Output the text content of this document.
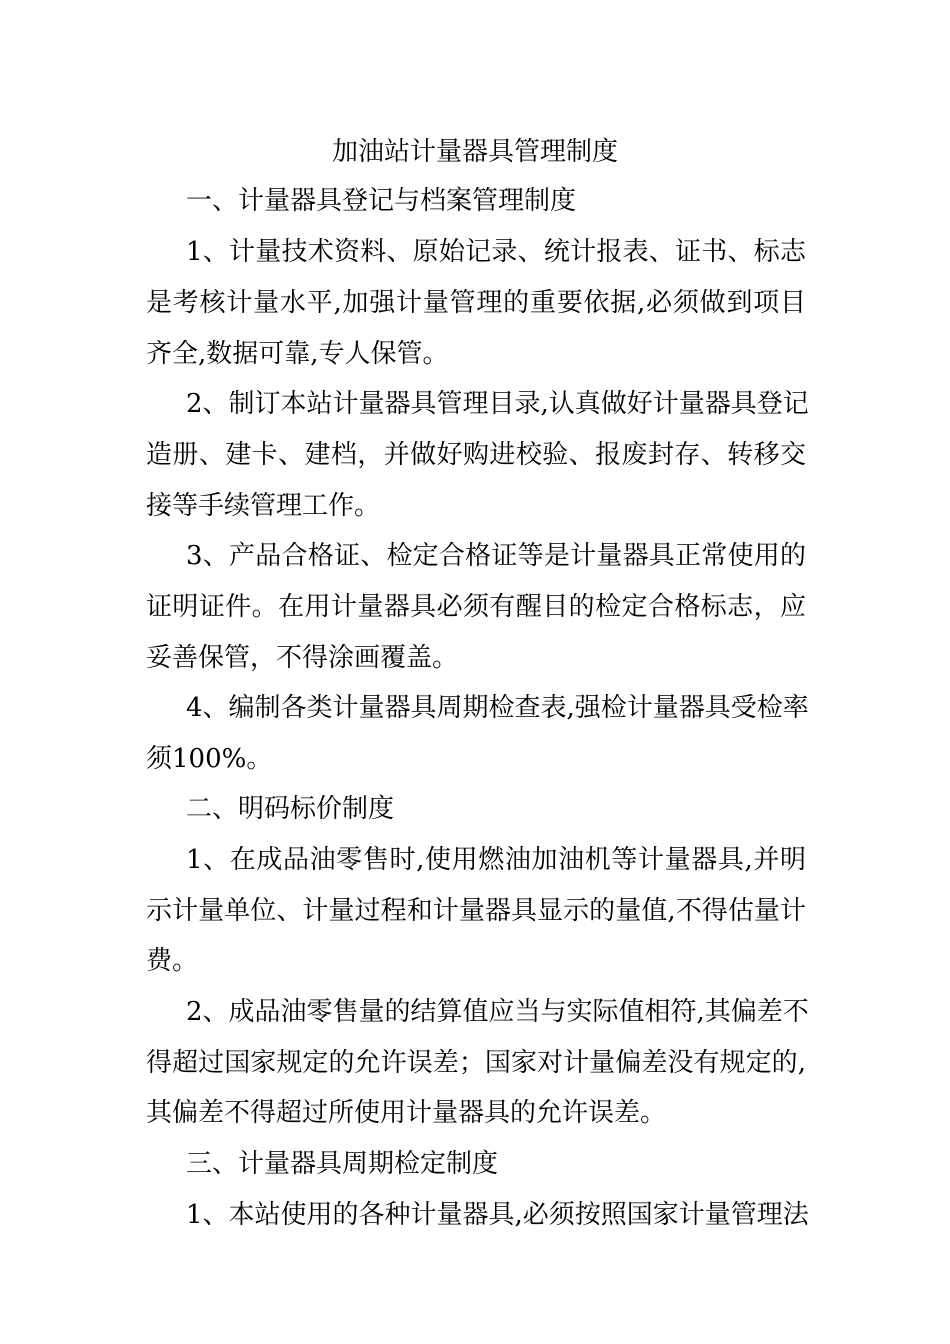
加油站计量器具管理制度
一、计量器具登记与档案管理制度
1、计量技术资料、原始记录、统计报表、证书、标志
是考核计量水平,加强计量管理的重要依据,必须做到项目
齐全,数据可靠,专人保管。
2、制订本站计量器具管理目录,认真做好计量器具登记
造册、建卡、建档，并做好购进校验、报废封存、转移交
接等手续管理工作。
3、产品合格证、检定合格证等是计量器具正常使用的
证明证件。在用计量器具必须有醒目的检定合格标志，应
妥善保管，不得涂画覆盖。
4、编制各类计量器具周期检查表,强检计量器具受检率
须100%。
二、明码标价制度
1、在成品油零售时,使用燃油加油机等计量器具,并明
示计量单位、计量过程和计量器具显示的量值,不得估量计
费。
2、成品油零售量的结算值应当与实际值相符,其偏差不
得超过国家规定的允许误差；国家对计量偏差没有规定的,
其偏差不得超过所使用计量器具的允许误差。
三、计量器具周期检定制度
1、本站使用的各种计量器具,必须按照国家计量管理法
